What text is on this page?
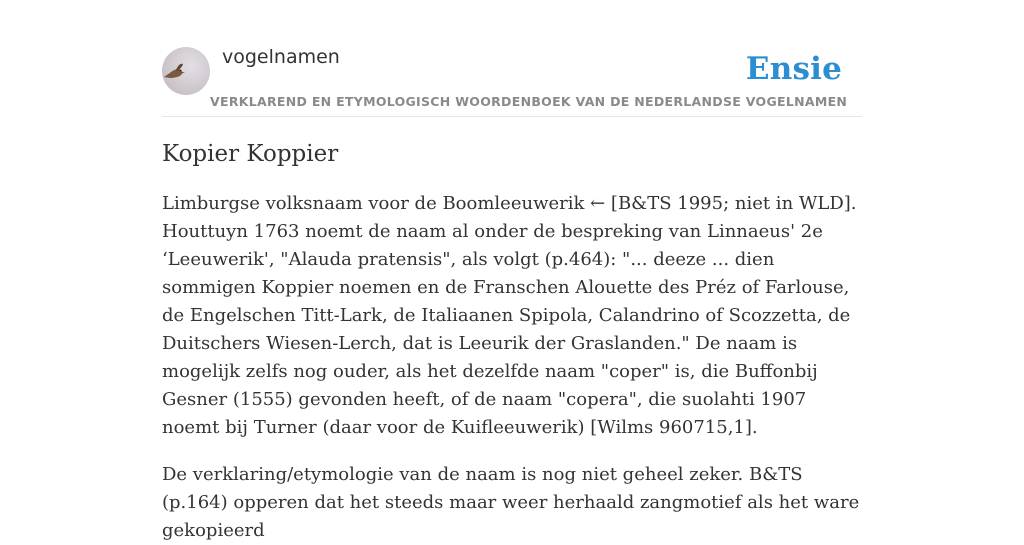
vogelnamen	Ensie
VERKLAREND EN ETYMOLOGISCH WOORDENBOEK VAN DE NEDERLANDSE VOGELNAMEN
Kopier Koppier

Limburgse volksnaam voor de Boomleeuwerik ← [B&TS 1995; niet in WLD]. Houttuyn 1763 noemt de naam al onder de bespreking van Linnaeus' 2e ‘Leeuwerik', "Alauda pratensis", als volgt (p.464): "... deeze ... dien sommigen Koppier noemen en de Franschen Alouette des Préz of Farlouse, de Engelschen Titt-Lark, de Italiaanen Spipola, Calandrino of Scozzetta, de Duitschers Wiesen-Lerch, dat is Leeurik der Graslanden." De naam is mogelijk zelfs nog ouder, als het dezelfde naam "coper" is, die Buffonbij Gesner (1555) gevonden heeft, of de naam "copera", die suolahti 1907 noemt bij Turner (daar voor de Kuifleeuwerik) [Wilms 960715,1].

De verklaring/etymologie van de naam is nog niet geheel zeker. B&TS (p.164) opperen dat het steeds maar weer herhaald zangmotief als het ware gekopieerd
